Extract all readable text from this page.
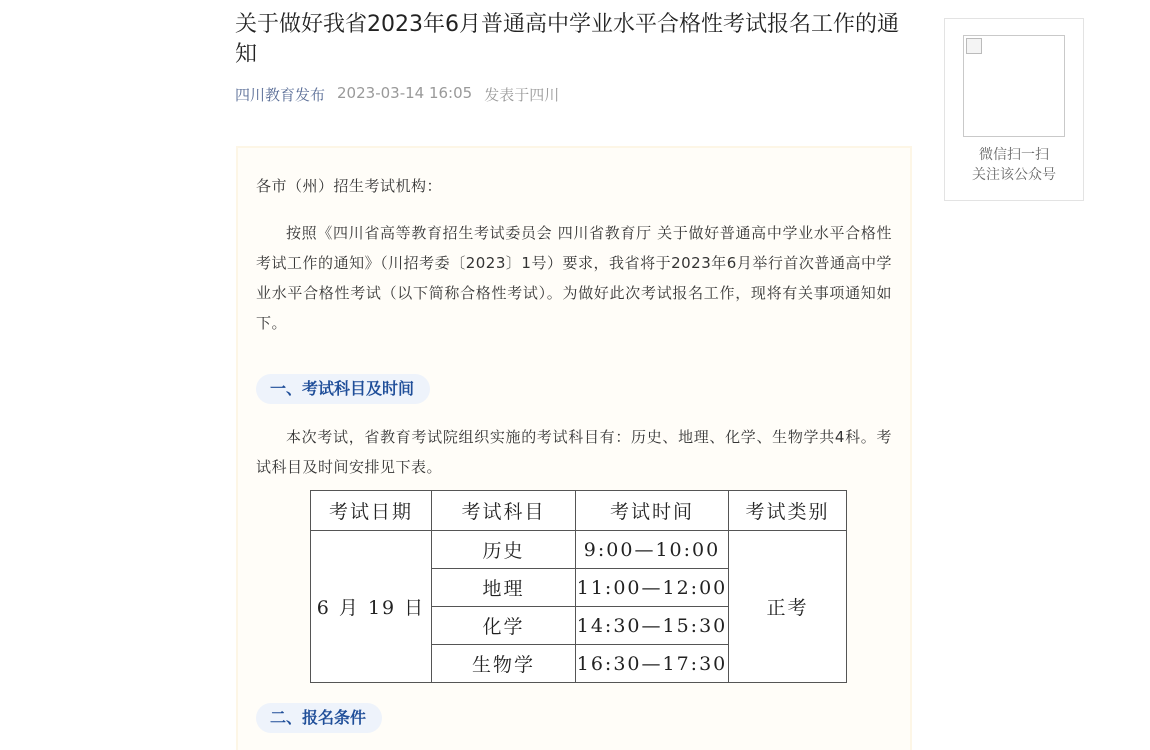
关于做好我省2023年6月普通高中学业水平合格性考试报名工作的通知
四川教育发布 2023-03-14 16:05 发表于四川

各市（州）招生考试机构：

按照《四川省高等教育招生考试委员会 四川省教育厅 关于做好普通高中学业水平合格性考试工作的通知》（川招考委〔2023〕1号）要求，我省将于2023年6月举行首次普通高中学业水平合格性考试（以下简称合格性考试）。为做好此次考试报名工作，现将有关事项通知如下。

一、考试科目及时间

本次考试，省教育考试院组织实施的考试科目有：历史、地理、化学、生物学共4科。考试科目及时间安排见下表。

考试日期	考试科目	考试时间	考试类别
6 月 19 日	历史	9:00—10:00	正考
	地理	11:00—12:00	
	化学	14:30—15:30	
	生物学	16:30—17:30	
二、报名条件
微信扫一扫
关注该公众号
